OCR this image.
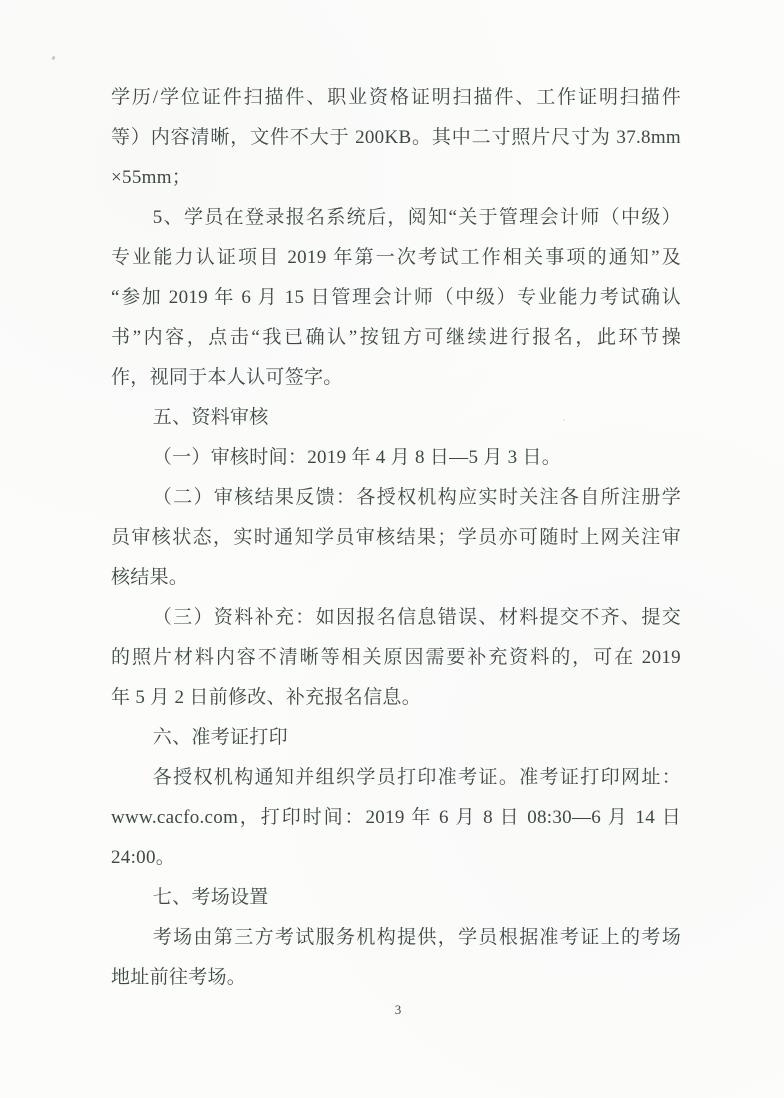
学历/学位证件扫描件、职业资格证明扫描件、工作证明扫描件
等）内容清晰，文件不大于 200KB。其中二寸照片尺寸为 37.8mm
×55mm；
5、学员在登录报名系统后，阅知“关于管理会计师（中级）
专业能力认证项目 2019 年第一次考试工作相关事项的通知”及
“参加 2019 年 6 月 15 日管理会计师（中级）专业能力考试确认
书”内容，点击“我已确认”按钮方可继续进行报名，此环节操
作，视同于本人认可签字。
五、资料审核
（一）审核时间：2019 年 4 月 8 日—5 月 3 日。
（二）审核结果反馈：各授权机构应实时关注各自所注册学
员审核状态，实时通知学员审核结果；学员亦可随时上网关注审
核结果。
（三）资料补充：如因报名信息错误、材料提交不齐、提交
的照片材料内容不清晰等相关原因需要补充资料的，可在 2019
年 5 月 2 日前修改、补充报名信息。
六、准考证打印
各授权机构通知并组织学员打印准考证。准考证打印网址：
www.cacfo.com，打印时间：2019 年 6 月 8 日 08:30—6 月 14 日
24:00。
七、考场设置
考场由第三方考试服务机构提供，学员根据准考证上的考场
地址前往考场。
3
